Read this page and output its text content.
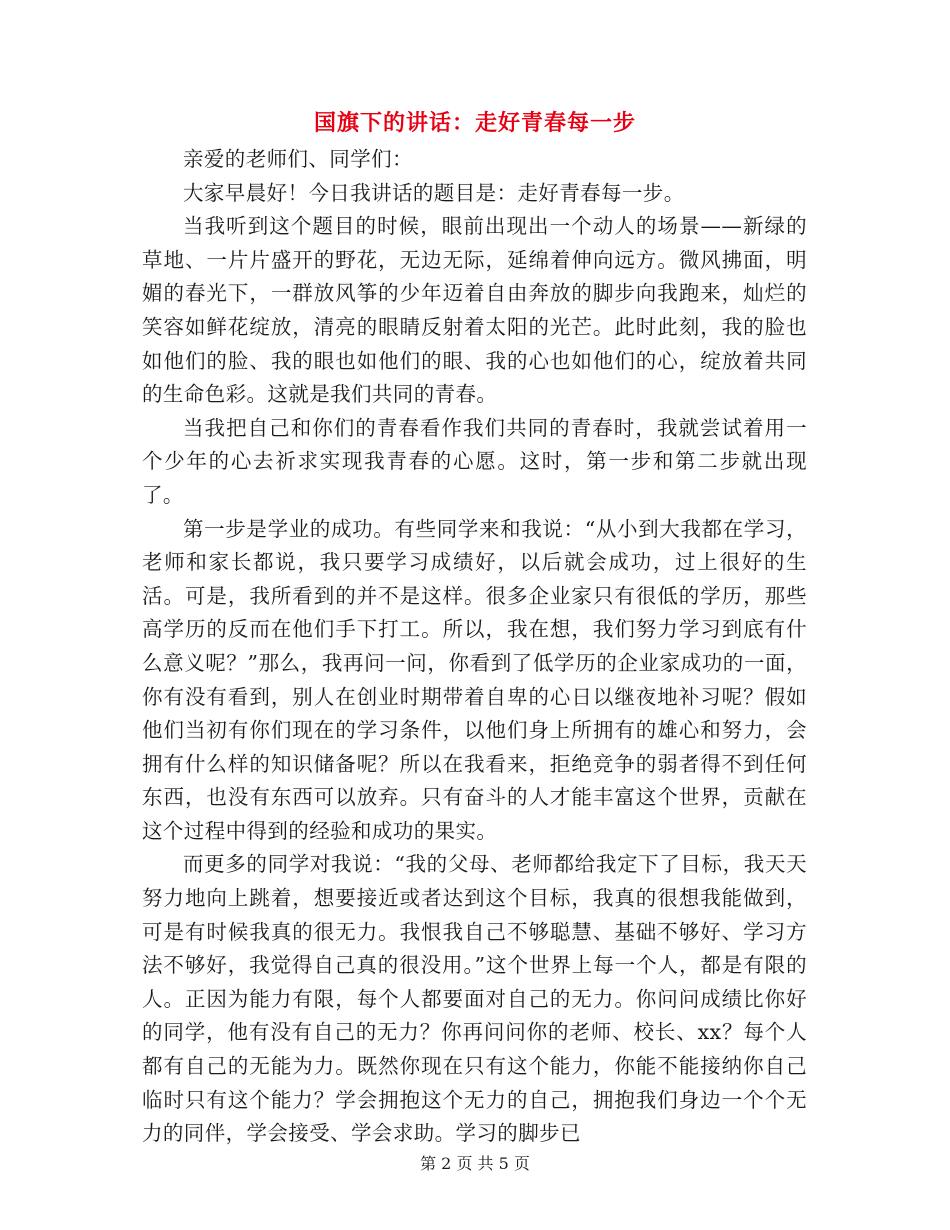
国旗下的讲话：走好青春每一步

亲爱的老师们、同学们：

大家早晨好！今日我讲话的题目是：走好青春每一步。

当我听到这个题目的时候，眼前出现出一个动人的场景——新绿的草地、一片片盛开的野花，无边无际，延绵着伸向远方。微风拂面，明媚的春光下，一群放风筝的少年迈着自由奔放的脚步向我跑来，灿烂的笑容如鲜花绽放，清亮的眼睛反射着太阳的光芒。此时此刻，我的脸也如他们的脸、我的眼也如他们的眼、我的心也如他们的心，绽放着共同的生命色彩。这就是我们共同的青春。

当我把自己和你们的青春看作我们共同的青春时，我就尝试着用一个少年的心去祈求实现我青春的心愿。这时，第一步和第二步就出现了。

第一步是学业的成功。有些同学来和我说：“从小到大我都在学习，老师和家长都说，我只要学习成绩好，以后就会成功，过上很好的生活。可是，我所看到的并不是这样。很多企业家只有很低的学历，那些高学历的反而在他们手下打工。所以，我在想，我们努力学习到底有什么意义呢？”那么，我再问一问，你看到了低学历的企业家成功的一面，你有没有看到，别人在创业时期带着自卑的心日以继夜地补习呢？假如他们当初有你们现在的学习条件，以他们身上所拥有的雄心和努力，会拥有什么样的知识储备呢？所以在我看来，拒绝竞争的弱者得不到任何东西，也没有东西可以放弃。只有奋斗的人才能丰富这个世界，贡献在这个过程中得到的经验和成功的果实。

而更多的同学对我说：“我的父母、老师都给我定下了目标，我天天努力地向上跳着，想要接近或者达到这个目标，我真的很想我能做到，可是有时候我真的很无力。我恨我自己不够聪慧、基础不够好、学习方法不够好，我觉得自己真的很没用。”这个世界上每一个人，都是有限的人。正因为能力有限，每个人都要面对自己的无力。你问问成绩比你好的同学，他有没有自己的无力？你再问问你的老师、校长、xx？每个人都有自己的无能为力。既然你现在只有这个能力，你能不能接纳你自己临时只有这个能力？学会拥抱这个无力的自己，拥抱我们身边一个个无力的同伴，学会接受、学会求助。学习的脚步已

第 2 页 共 5 页
